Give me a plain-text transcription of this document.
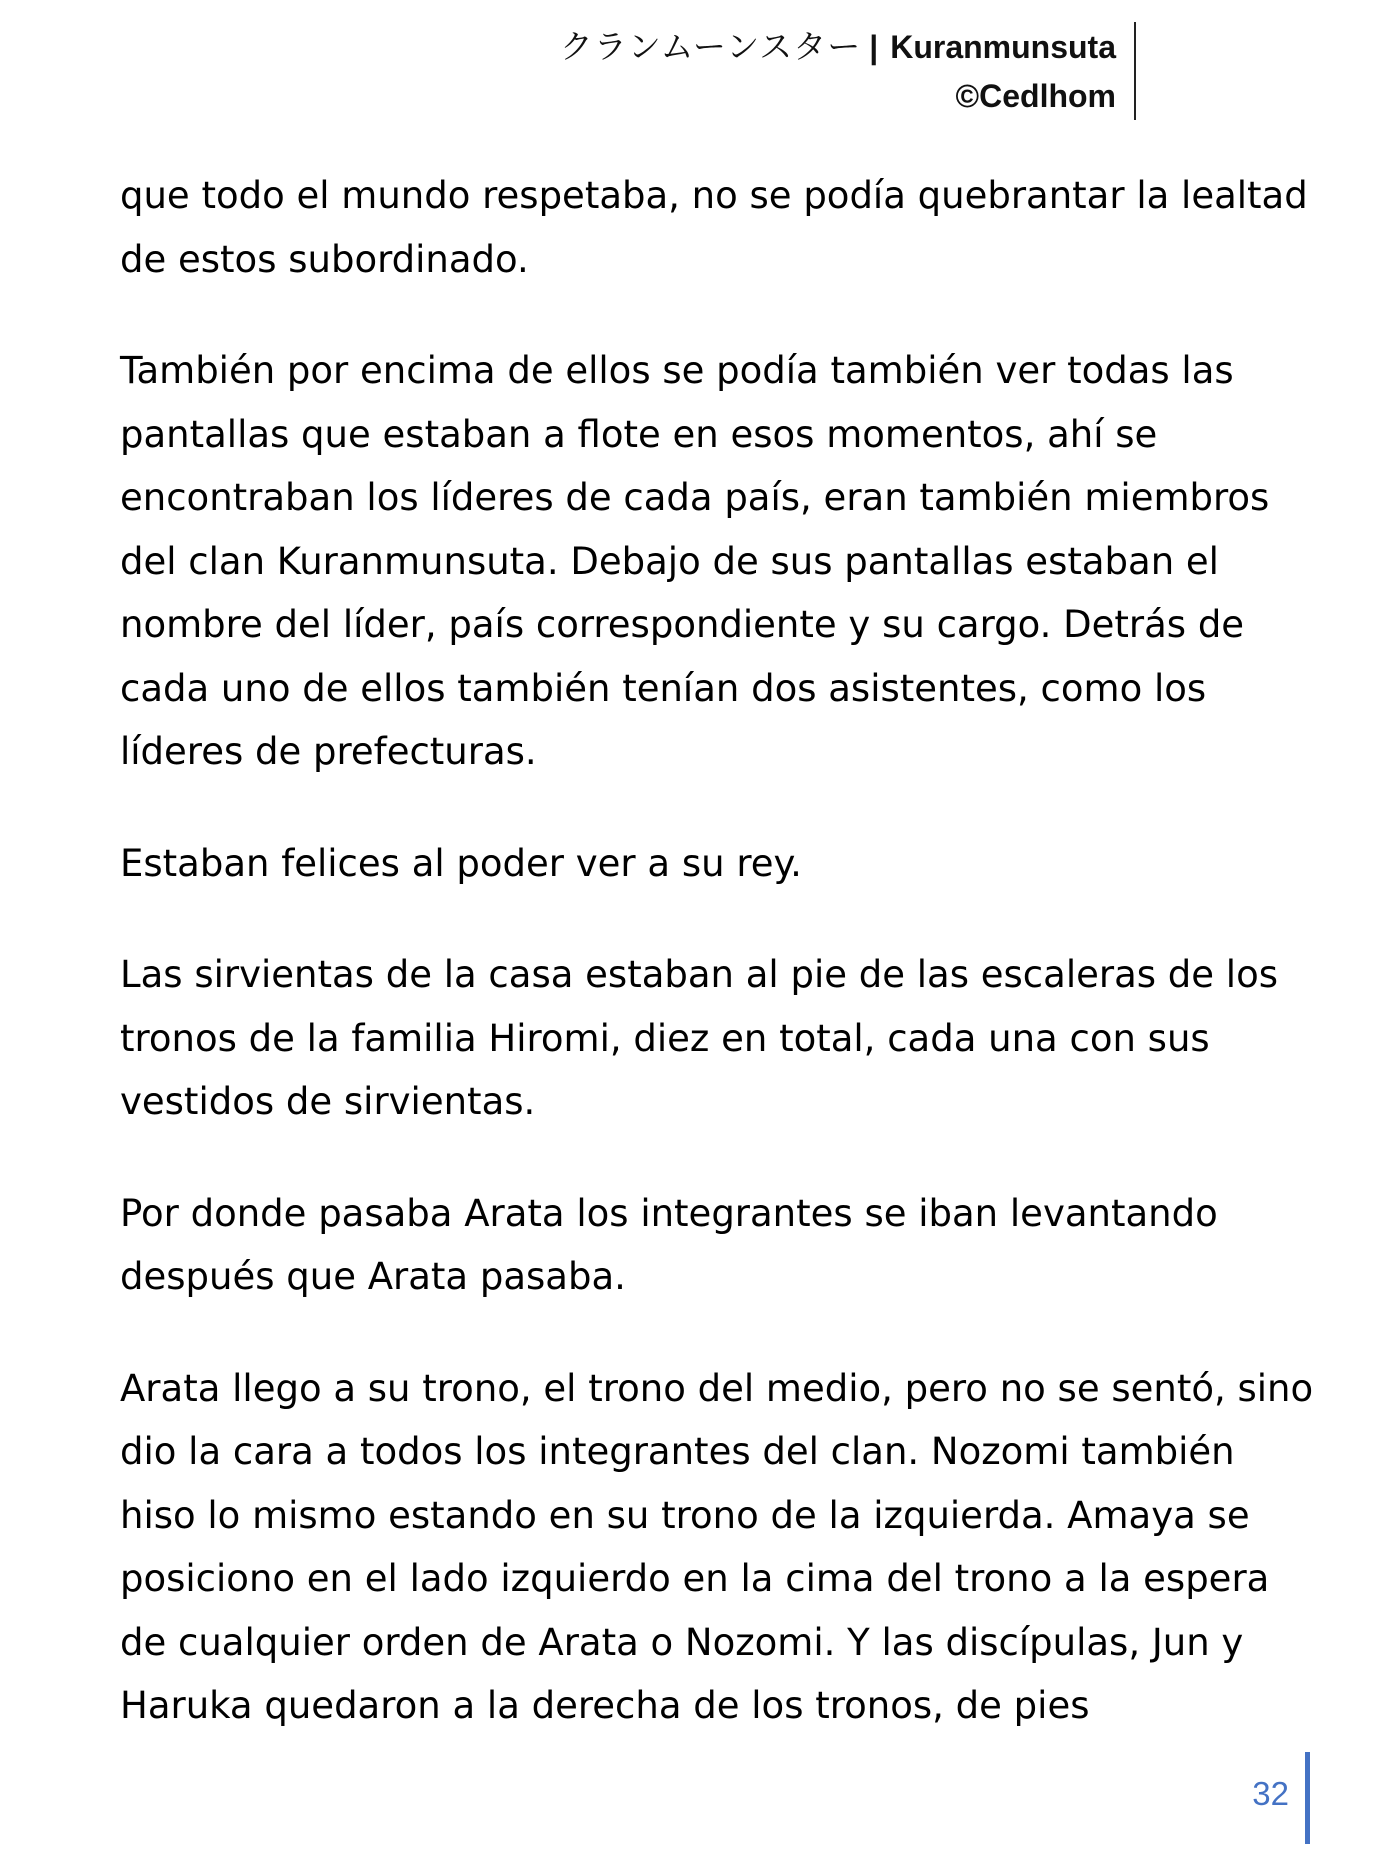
クランムーンスター | Kuranmunsuta
©Cedlhom

que todo el mundo respetaba, no se podía quebrantar la lealtad de estos subordinado.

También por encima de ellos se podía también ver todas las pantallas que estaban a flote en esos momentos, ahí se encontraban los líderes de cada país, eran también miembros del clan Kuranmunsuta. Debajo de sus pantallas estaban el nombre del líder, país correspondiente y su cargo. Detrás de cada uno de ellos también tenían dos asistentes, como los líderes de prefecturas.

Estaban felices al poder ver a su rey.

Las sirvientas de la casa estaban al pie de las escaleras de los tronos de la familia Hiromi, diez en total, cada una con sus vestidos de sirvientas.

Por donde pasaba Arata los integrantes se iban levantando después que Arata pasaba.

Arata llego a su trono, el trono del medio, pero no se sentó, sino dio la cara a todos los integrantes del clan. Nozomi también hiso lo mismo estando en su trono de la izquierda. Amaya se posiciono en el lado izquierdo en la cima del trono a la espera de cualquier orden de Arata o Nozomi. Y las discípulas, Jun y Haruka quedaron a la derecha de los tronos, de pies

32
